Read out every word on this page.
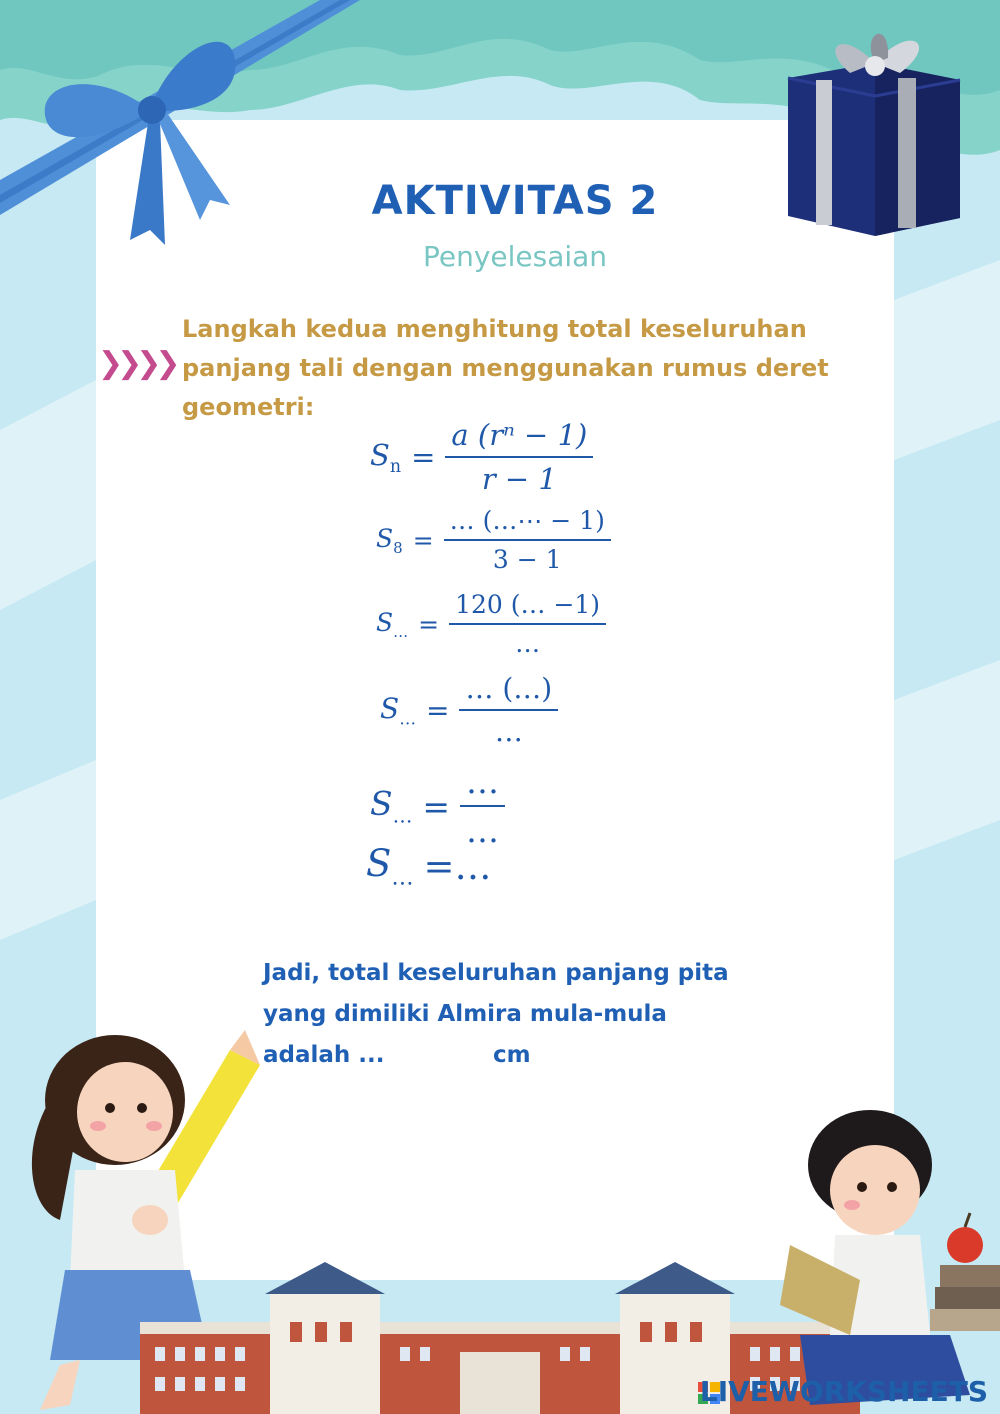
AKTIVITAS 2
Penyelesaian
❯❯❯❯
Langkah kedua menghitung total keseluruhan panjang tali dengan menggunakan rumus deret geometri:
$S_n = \frac{\text{a (rⁿ − 1)}}{r - 1}$
$S_8 = \frac{\dots (\dots\cdots - 1)}{3 - 1}$
$S_\dots = \frac{120 (\dots -1)}{\dots}$
$S_\dots = \frac{\dots (\dots)}{\dots}$
$S_\dots = \frac{\dots}{\dots}$
$S_\dots$ =…
Jadi, total keseluruhan panjang pita
yang dimiliki Almira mula-mula
adalah ...	cm
LIVEWORKSHEETS
